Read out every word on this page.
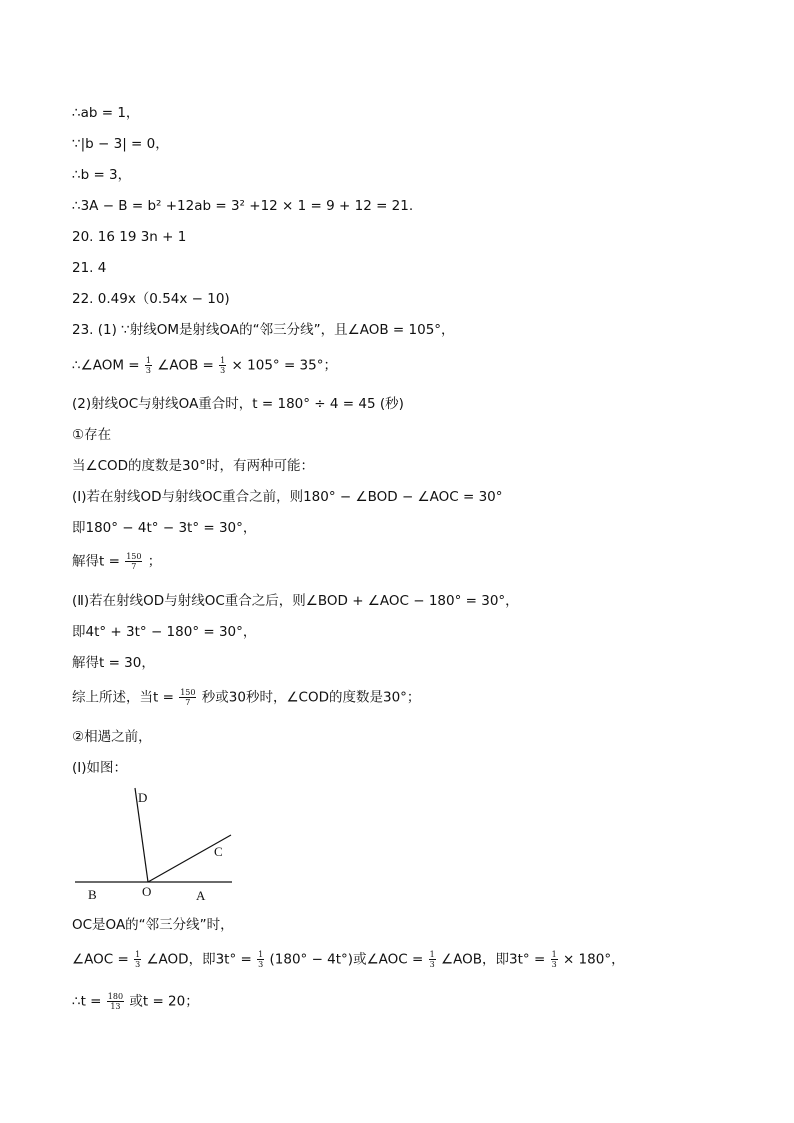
∴ab = 1，
∵|b − 3| = 0，
∴b = 3，
∴3A − B = b² +12ab = 3² +12 × 1 = 9 + 12 = 21.
20. 16 19 3n + 1
21. 4
22. 0.49x（0.54x − 10)
23. (1) ∵射线OM是射线OA的“邻三分线”，且∠AOB = 105°，
∴∠AOM = $\frac{1}{3}$ ∠AOB = $\frac{1}{3} \times 105^\circ = 35^\circ$；
(2)射线OC与射线OA重合时，t = 180° ÷ 4 = 45 (秒)
①存在
当∠COD的度数是30°时，有两种可能：
(Ⅰ)若在射线OD与射线OC重合之前，则180° − ∠BOD − ∠AOC = 30°
即180° − 4t° − 3t° = 30°，
解得$t = \frac{150}{7}$ ；
(Ⅱ)若在射线OD与射线OC重合之后，则∠BOD + ∠AOC − 180° = 30°，
即4t° + 3t° − 180° = 30°，
解得t = 30，
综上所述，当$t = \frac{150}{7}$ 秒或30秒时，∠COD的度数是30°；
②相遇之前，
(Ⅰ)如图：
D
C
B	O	A
OC是OA的“邻三分线”时，
∠AOC = $\frac{1}{3}$ ∠AOD，即$3t^\circ = \frac{1}{3} (180^\circ - 4t^\circ)$或∠AOC = $\frac{1}{3}$ ∠AOB，即$3t^\circ = \frac{1}{3} \times 180^\circ$，
∴t = $\frac{180}{13}$ 或t = 20；
